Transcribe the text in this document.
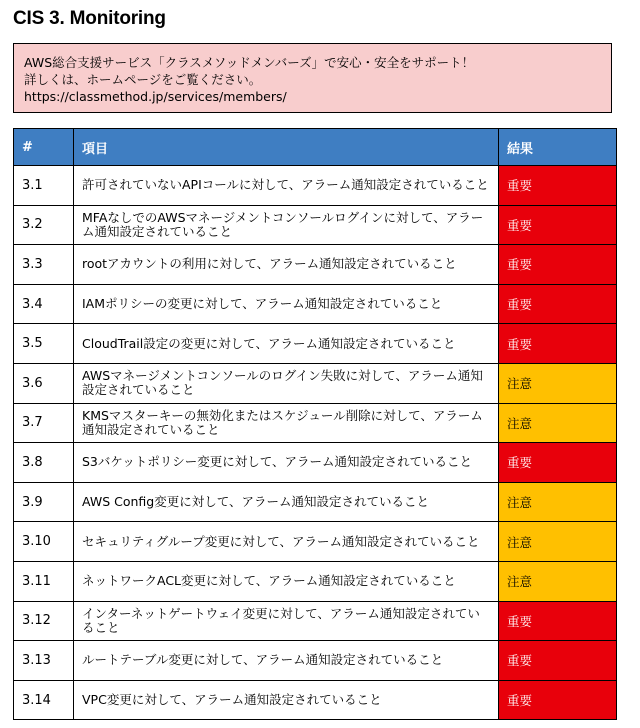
CIS 3. Monitoring
AWS総合支援サービス「クラスメソッドメンバーズ」で安心・安全をサポート！
詳しくは、ホームページをご覧ください。
https://classmethod.jp/services/members/
#	項目	結果
3.1	許可されていないAPIコールに対して、アラーム通知設定されていること	重要
3.2	MFAなしでのAWSマネージメントコンソールログインに対して、アラーム通知設定されていること	重要
3.3	rootアカウントの利用に対して、アラーム通知設定されていること	重要
3.4	IAMポリシーの変更に対して、アラーム通知設定されていること	重要
3.5	CloudTrail設定の変更に対して、アラーム通知設定されていること	重要
3.6	AWSマネージメントコンソールのログイン失敗に対して、アラーム通知設定されていること	注意
3.7	KMSマスターキーの無効化またはスケジュール削除に対して、アラーム通知設定されていること	注意
3.8	S3バケットポリシー変更に対して、アラーム通知設定されていること	重要
3.9	AWS Config変更に対して、アラーム通知設定されていること	注意
3.10	セキュリティグループ変更に対して、アラーム通知設定されていること	注意
3.11	ネットワークACL変更に対して、アラーム通知設定されていること	注意
3.12	インターネットゲートウェイ変更に対して、アラーム通知設定されていること	重要
3.13	ルートテーブル変更に対して、アラーム通知設定されていること	重要
3.14	VPC変更に対して、アラーム通知設定されていること	重要
